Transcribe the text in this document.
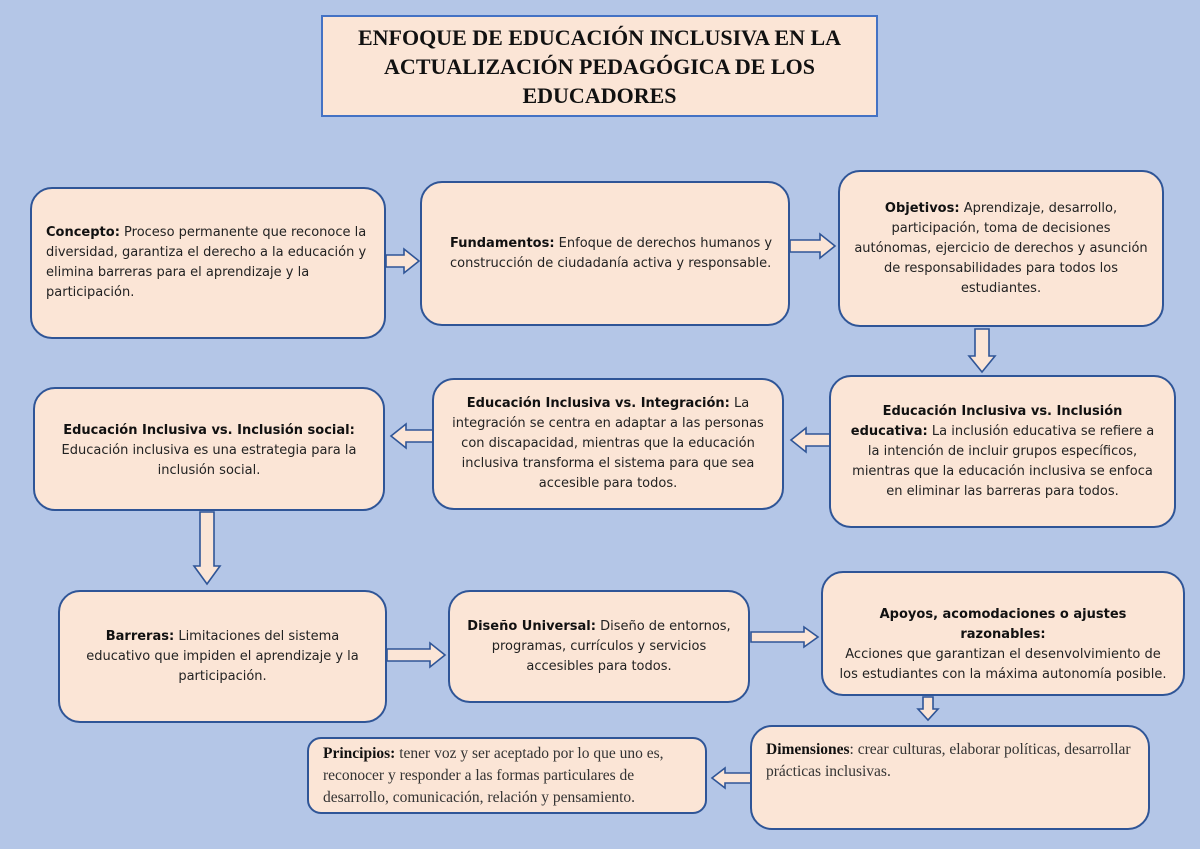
ENFOQUE DE EDUCACIÓN INCLUSIVA EN LA ACTUALIZACIÓN PEDAGÓGICA DE LOS EDUCADORES
Concepto: Proceso permanente que reconoce la diversidad, garantiza el derecho a la educación y elimina barreras para el aprendizaje y la participación.
Fundamentos: Enfoque de derechos humanos y construcción de ciudadanía activa y responsable.
Objetivos: Aprendizaje, desarrollo, participación, toma de decisiones autónomas, ejercicio de derechos y asunción de responsabilidades para todos los estudiantes.
Educación Inclusiva vs. Inclusión educativa: La inclusión educativa se refiere a la intención de incluir grupos específicos, mientras que la educación inclusiva se enfoca en eliminar las barreras para todos.
Educación Inclusiva vs. Integración: La integración se centra en adaptar a las personas con discapacidad, mientras que la educación inclusiva transforma el sistema para que sea accesible para todos.
Educación Inclusiva vs. Inclusión social:
Educación inclusiva es una estrategia para la inclusión social.
Barreras: Limitaciones del sistema educativo que impiden el aprendizaje y la participación.
Diseño Universal: Diseño de entornos, programas, currículos y servicios accesibles para todos.
Apoyos, acomodaciones o ajustes razonables:
Acciones que garantizan el desenvolvimiento de los estudiantes con la máxima autonomía posible.
Dimensiones: crear culturas, elaborar políticas, desarrollar prácticas inclusivas.
Principios: tener voz y ser aceptado por lo que uno es, reconocer y responder a las formas particulares de desarrollo, comunicación, relación y pensamiento.
